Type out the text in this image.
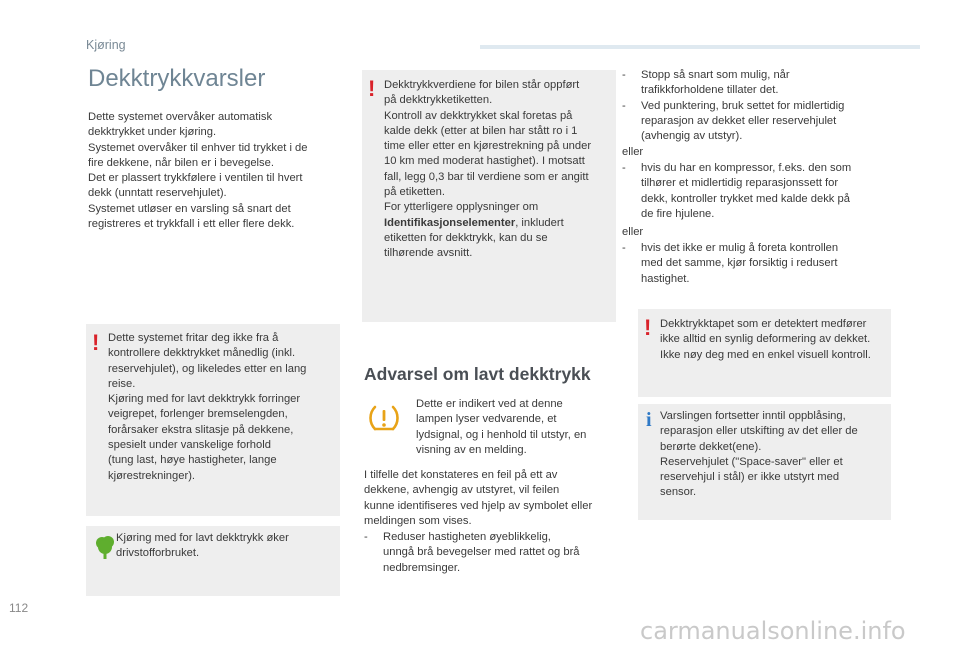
Kjøring
Dekktrykkvarsler

Dette systemet overvåker automatisk
dekktrykket under kjøring.
Systemet overvåker til enhver tid trykket i de
fire dekkene, når bilen er i bevegelse.
Det er plassert trykkfølere i ventilen til hvert
dekk (unntatt reservehjulet).
Systemet utløser en varsling så snart det
registreres et trykkfall i ett eller flere dekk.

! Dette systemet fritar deg ikke fra å
kontrollere dekktrykket månedlig (inkl.
reservehjulet), og likeledes etter en lang
reise.
Kjøring med for lavt dekktrykk forringer
veigrepet, forlenger bremselengden,
forårsaker ekstra slitasje på dekkene,
spesielt under vanskelige forhold
(tung last, høye hastigheter, lange
kjørestrekninger).

Kjøring med for lavt dekktrykk øker
drivstofforbruket.

! Dekktrykkverdiene for bilen står oppført
på dekktrykketiketten.
Kontroll av dekktrykket skal foretas på
kalde dekk (etter at bilen har stått ro i 1
time eller etter en kjørestrekning på under
10 km med moderat hastighet). I motsatt
fall, legg 0,3 bar til verdiene som er angitt
på etiketten.
For ytterligere opplysninger om
Identifikasjonselementer, inkludert
etiketten for dekktrykk, kan du se
tilhørende avsnitt.

Advarsel om lavt dekktrykk

Dette er indikert ved at denne
lampen lyser vedvarende, et
lydsignal, og i henhold til utstyr, en
visning av en melding.

I tilfelle det konstateres en feil på ett av
dekkene, avhengig av utstyret, vil feilen
kunne identifiseres ved hjelp av symbolet eller
meldingen som vises.

- Reduser hastigheten øyeblikkelig,
unngå brå bevegelser med rattet og brå
nedbremsinger.
- Stopp så snart som mulig, når
trafikkforholdene tillater det.
- Ved punktering, bruk settet for midlertidig
reparasjon av dekket eller reservehjulet
(avhengig av utstyr).
eller
- hvis du har en kompressor, f.eks. den som
tilhører et midlertidig reparasjonssett for
dekk, kontroller trykket med kalde dekk på
de fire hjulene.
eller
- hvis det ikke er mulig å foreta kontrollen
med det samme, kjør forsiktig i redusert
hastighet.
! Dekktrykktapet som er detektert medfører
ikke alltid en synlig deformering av dekket.
Ikke nøy deg med en enkel visuell kontroll.

i Varslingen fortsetter inntil oppblåsing,
reparasjon eller utskifting av det eller de
berørte dekket(ene).
Reservehjulet ("Space-saver" eller et
reservehjul i stål) er ikke utstyrt med
sensor.

112
carmanualsonline.info
